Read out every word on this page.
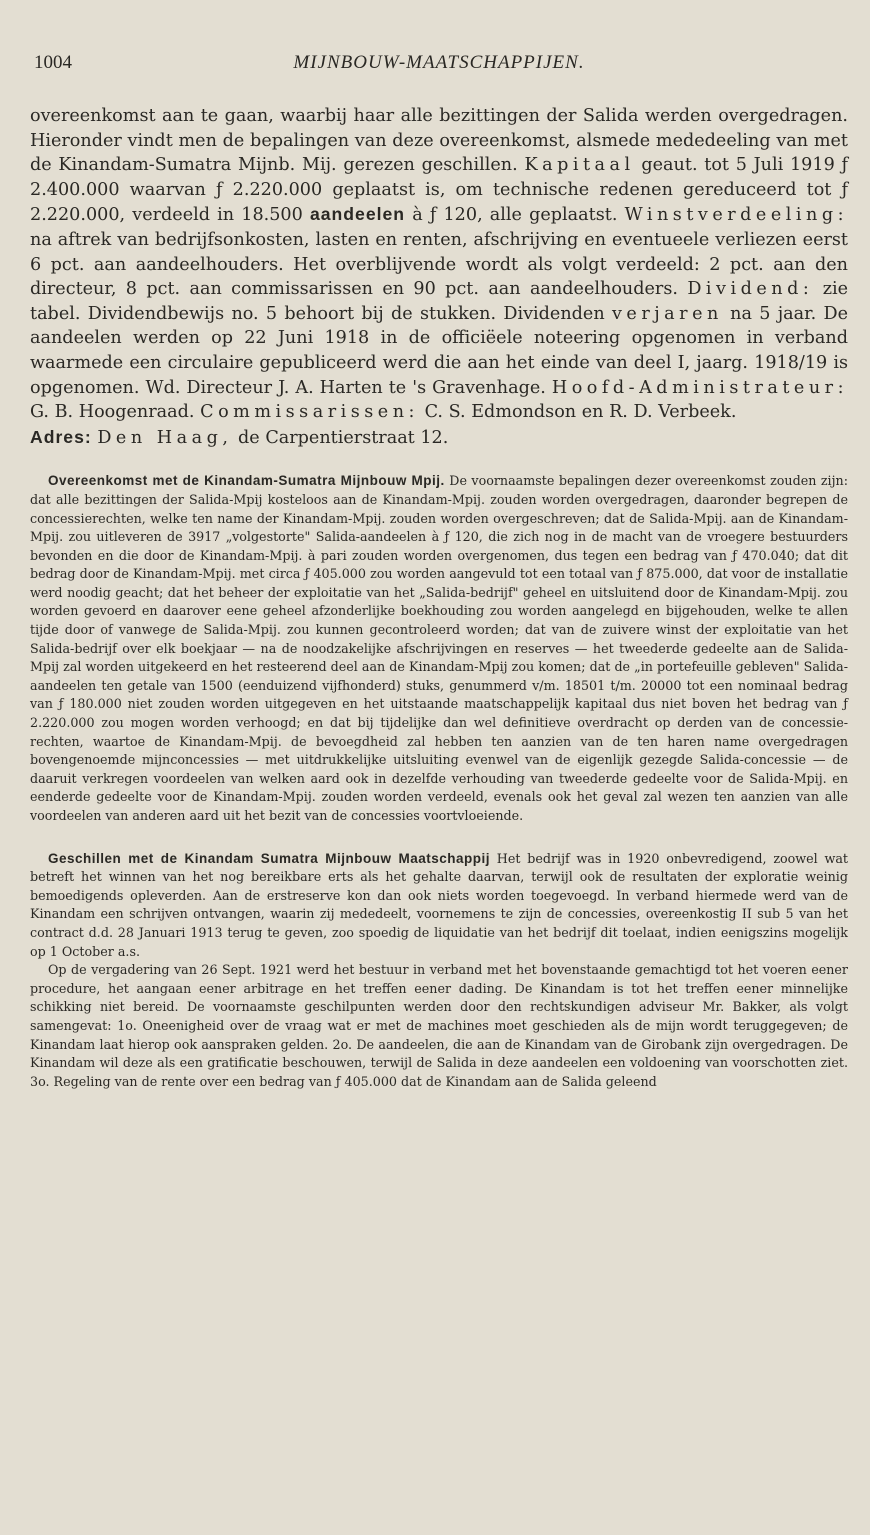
1004	MIJNBOUW-MAATSCHAPPIJEN.
overeenkomst aan te gaan, waarbij haar alle bezittingen der Salida werden overgedragen. Hieronder vindt men de bepalingen van deze overeenkomst, alsmede mededeeling van met de Kinandam-Sumatra Mijnb. Mij. gerezen geschillen. Kapitaal geaut. tot 5 Juli 1919 ƒ 2.400.000 waarvan ƒ 2.220.000 geplaatst is, om technische redenen gereduceerd tot ƒ 2.220.000, verdeeld in 18.500 aandeelen à ƒ 120, alle geplaatst. Winstverdeeling: na aftrek van bedrijfsonkosten, lasten en renten, afschrijving en eventueele verliezen eerst 6 pct. aan aandeelhouders. Het overblijvende wordt als volgt verdeeld: 2 pct. aan den directeur, 8 pct. aan commissarissen en 90 pct. aan aandeelhouders. Dividend: zie tabel. Dividendbewijs no. 5 behoort bij de stukken. Dividenden verjaren na 5 jaar. De aandeelen werden op 22 Juni 1918 in de officiëele noteering opgenomen in verband waarmede een circulaire gepubliceerd werd die aan het einde van deel I, jaarg. 1918/19 is opgenomen. Wd. Directeur J. A. Harten te 's Gravenhage. Hoofd-Administrateur: G. B. Hoogenraad. Commissarissen: C. S. Edmondson en R. D. Verbeek.
Adres: Den Haag, de Carpentierstraat 12.

Overeenkomst met de Kinandam-Sumatra Mijnbouw Mpij. De voornaamste bepalingen dezer overeenkomst zouden zijn: dat alle bezittingen der Salida-Mpij kosteloos aan de Kinandam-Mpij. zouden worden overgedragen, daaronder begrepen de concessierechten, welke ten name der Kinandam-Mpij. zouden worden overgeschreven; dat de Salida-Mpij. aan de Kinandam-Mpij. zou uitleveren de 3917 „volgestorte" Salida-aandeelen à ƒ 120, die zich nog in de macht van de vroegere bestuurders bevonden en die door de Kinandam-Mpij. à pari zouden worden overgenomen, dus tegen een bedrag van ƒ 470.040; dat dit bedrag door de Kinandam-Mpij. met circa ƒ 405.000 zou worden aangevuld tot een totaal van ƒ 875.000, dat voor de installatie werd noodig geacht; dat het beheer der exploitatie van het „Salida-bedrijf" geheel en uitsluitend door de Kinandam-Mpij. zou worden gevoerd en daarover eene geheel afzonderlijke boekhouding zou worden aangelegd en bijgehouden, welke te allen tijde door of vanwege de Salida-Mpij. zou kunnen gecontroleerd worden; dat van de zuivere winst der exploitatie van het Salida-bedrijf over elk boekjaar — na de noodzakelijke afschrijvingen en reserves — het tweederde gedeelte aan de Salida-Mpij zal worden uitgekeerd en het resteerend deel aan de Kinandam-Mpij zou komen; dat de „in portefeuille gebleven" Salida-aandeelen ten getale van 1500 (eenduizend vijfhonderd) stuks, genummerd v/m. 18501 t/m. 20000 tot een nominaal bedrag van ƒ 180.000 niet zouden worden uitgegeven en het uitstaande maatschappelijk kapitaal dus niet boven het bedrag van ƒ 2.220.000 zou mogen worden verhoogd; en dat bij tijdelijke dan wel definitieve overdracht op derden van de concessie-rechten, waartoe de Kinandam-Mpij. de bevoegdheid zal hebben ten aanzien van de ten haren name overgedragen bovengenoemde mijnconcessies — met uitdrukkelijke uitsluiting evenwel van de eigenlijk gezegde Salida-concessie — de daaruit verkregen voordeelen van welken aard ook in dezelfde verhouding van tweederde gedeelte voor de Salida-Mpij. en eenderde gedeelte voor de Kinandam-Mpij. zouden worden verdeeld, evenals ook het geval zal wezen ten aanzien van alle voordeelen van anderen aard uit het bezit van de concessies voortvloeiende.

Geschillen met de Kinandam Sumatra Mijnbouw Maatschappij Het bedrijf was in 1920 onbevredigend, zoowel wat betreft het winnen van het nog bereikbare erts als het gehalte daarvan, terwijl ook de resultaten der exploratie weinig bemoedigends opleverden. Aan de erstreserve kon dan ook niets worden toegevoegd. In verband hiermede werd van de Kinandam een schrijven ontvangen, waarin zij mededeelt, voornemens te zijn de concessies, overeenkostig II sub 5 van het contract d.d. 28 Januari 1913 terug te geven, zoo spoedig de liquidatie van het bedrijf dit toelaat, indien eenigszins mogelijk op 1 October a.s.

Op de vergadering van 26 Sept. 1921 werd het bestuur in verband met het bovenstaande gemachtigd tot het voeren eener procedure, het aangaan eener arbitrage en het treffen eener dading. De Kinandam is tot het treffen eener minnelijke schikking niet bereid. De voornaamste geschilpunten werden door den rechtskundigen adviseur Mr. Bakker, als volgt samengevat: 1o. Oneenigheid over de vraag wat er met de machines moet geschieden als de mijn wordt teruggegeven; de Kinandam laat hierop ook aanspraken gelden. 2o. De aandeelen, die aan de Kinandam van de Girobank zijn overgedragen. De Kinandam wil deze als een gratificatie beschouwen, terwijl de Salida in deze aandeelen een voldoening van voorschotten ziet. 3o. Regeling van de rente over een bedrag van ƒ 405.000 dat de Kinandam aan de Salida geleend
